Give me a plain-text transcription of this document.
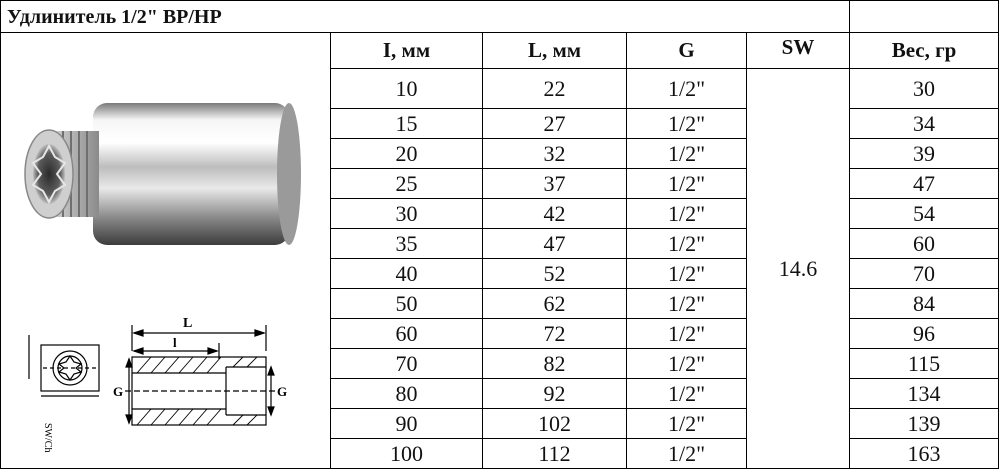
Удлинитель 1/2" ВР/НР					

SW/Ch
L
l
G G	I, мм	L, мм	G	SW	Вес, гр
	10	22	1/2"	14.6	30
	15	27	1/2"		34
	20	32	1/2"		39
	25	37	1/2"		47
	30	42	1/2"		54
	35	47	1/2"		60
	40	52	1/2"		70
	50	62	1/2"		84
	60	72	1/2"		96
	70	82	1/2"		115
	80	92	1/2"		134
	90	102	1/2"		139
	100	112	1/2"		163
